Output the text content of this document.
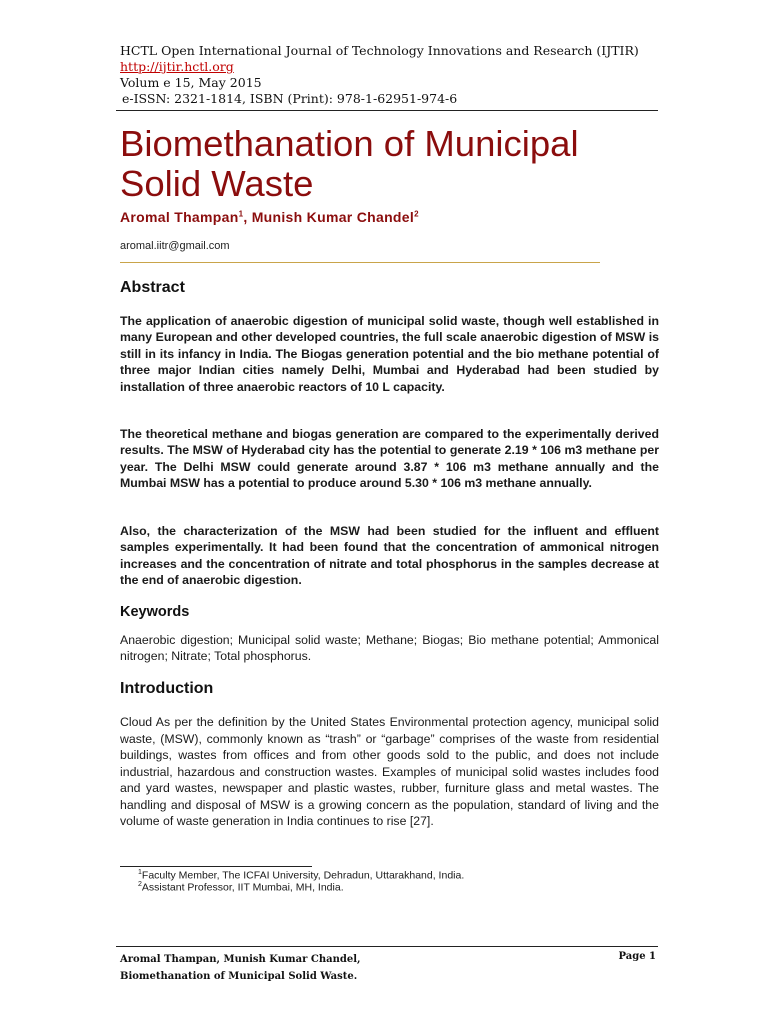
HCTL Open International Journal of Technology Innovations and Research (IJTIR)
http://ijtir.hctl.org
Volum e 15, May 2015
e-ISSN: 2321-1814, ISBN (Print): 978-1-62951-974-6
Biomethanation of Municipal
Solid Waste
Aromal Thampan$^1$, Munish Kumar Chandel$^2$
aromal.iitr@gmail.com
Abstract

The application of anaerobic digestion of municipal solid waste, though well established in many European and other developed countries, the full scale anaerobic digestion of MSW is still in its infancy in India. The Biogas generation potential and the bio methane potential of three major Indian cities namely Delhi, Mumbai and Hyderabad had been studied by installation of three anaerobic reactors of 10 L capacity.

The theoretical methane and biogas generation are compared to the experimentally derived results. The MSW of Hyderabad city has the potential to generate 2.19 * 106 m3 methane per year. The Delhi MSW could generate around 3.87 * 106 m3 methane annually and the Mumbai MSW has a potential to produce around 5.30 * 106 m3 methane annually.

Also, the characterization of the MSW had been studied for the influent and effluent samples experimentally. It had been found that the concentration of ammonical nitrogen increases and the concentration of nitrate and total phosphorus in the samples decrease at the end of anaerobic digestion.

Keywords

Anaerobic digestion; Municipal solid waste; Methane; Biogas; Bio methane potential; Ammonical nitrogen; Nitrate; Total phosphorus.

Introduction

Cloud As per the definition by the United States Environmental protection agency, municipal solid waste, (MSW), commonly known as “trash” or “garbage” comprises of the waste from residential buildings, wastes from offices and from other goods sold to the public, and does not include industrial, hazardous and construction wastes. Examples of municipal solid wastes includes food and yard wastes, newspaper and plastic wastes, rubber, furniture glass and metal wastes. The handling and disposal of MSW is a growing concern as the population, standard of living and the volume of waste generation in India continues to rise [27].

$^1$Faculty Member, The ICFAI University, Dehradun, Uttarakhand, India.
$^2$Assistant Professor, IIT Mumbai, MH, India.
Aromal Thampan, Munish Kumar Chandel,
Biomethanation of Municipal Solid Waste.
Page 1
